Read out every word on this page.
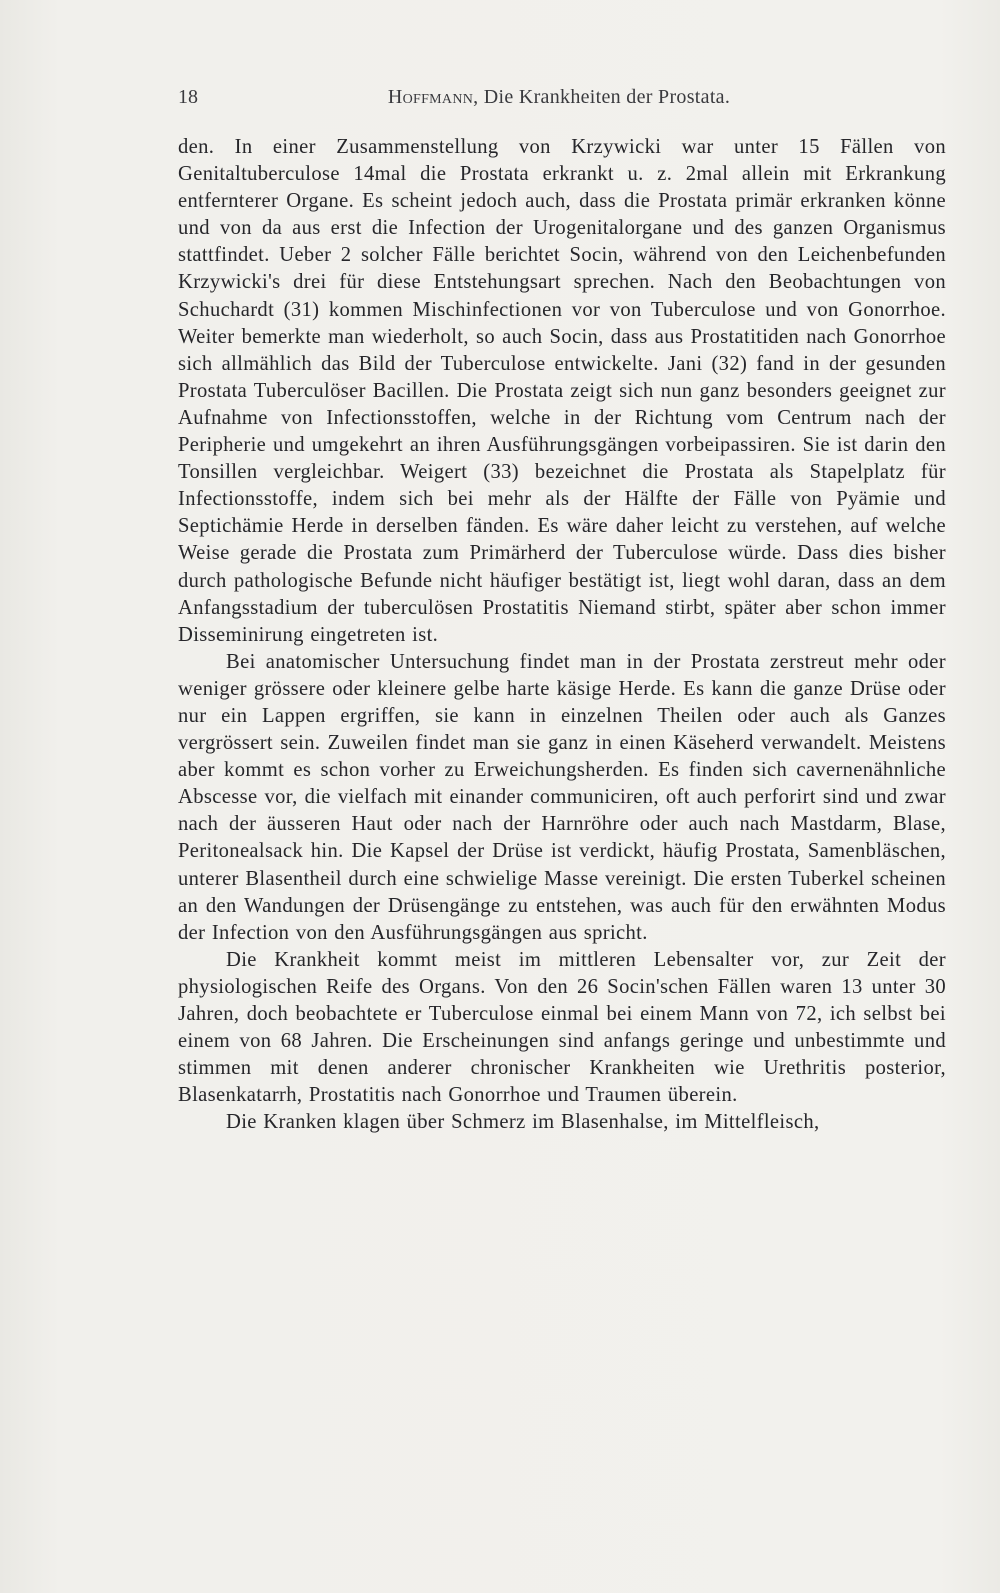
18	Hoffmann, Die Krankheiten der Prostata.

den. In einer Zusammenstellung von Krzywicki war unter 15 Fällen von Genitaltuberculose 14mal die Prostata erkrankt u. z. 2mal allein mit Erkrankung entfernterer Organe. Es scheint jedoch auch, dass die Prostata primär erkranken könne und von da aus erst die Infection der Urogenitalorgane und des ganzen Organismus stattfindet. Ueber 2 solcher Fälle berichtet Socin, während von den Leichenbefunden Krzywicki's drei für diese Entstehungsart sprechen. Nach den Beobachtungen von Schuchardt (31) kommen Mischinfectionen vor von Tuberculose und von Gonorrhoe. Weiter bemerkte man wiederholt, so auch Socin, dass aus Prostatitiden nach Gonorrhoe sich allmählich das Bild der Tuberculose entwickelte. Jani (32) fand in der gesunden Prostata Tuberculöser Bacillen. Die Prostata zeigt sich nun ganz besonders geeignet zur Aufnahme von Infectionsstoffen, welche in der Richtung vom Centrum nach der Peripherie und umgekehrt an ihren Ausführungsgängen vorbeipassiren. Sie ist darin den Tonsillen vergleichbar. Weigert (33) bezeichnet die Prostata als Stapelplatz für Infectionsstoffe, indem sich bei mehr als der Hälfte der Fälle von Pyämie und Septichämie Herde in derselben fänden. Es wäre daher leicht zu verstehen, auf welche Weise gerade die Prostata zum Primärherd der Tuberculose würde. Dass dies bisher durch pathologische Befunde nicht häufiger bestätigt ist, liegt wohl daran, dass an dem Anfangsstadium der tuberculösen Prostatitis Niemand stirbt, später aber schon immer Disseminirung eingetreten ist.

Bei anatomischer Untersuchung findet man in der Prostata zerstreut mehr oder weniger grössere oder kleinere gelbe harte käsige Herde. Es kann die ganze Drüse oder nur ein Lappen ergriffen, sie kann in einzelnen Theilen oder auch als Ganzes vergrössert sein. Zuweilen findet man sie ganz in einen Käseherd verwandelt. Meistens aber kommt es schon vorher zu Erweichungsherden. Es finden sich cavernenähnliche Abscesse vor, die vielfach mit einander communiciren, oft auch perforirt sind und zwar nach der äusseren Haut oder nach der Harnröhre oder auch nach Mastdarm, Blase, Peritonealsack hin. Die Kapsel der Drüse ist verdickt, häufig Prostata, Samenbläschen, unterer Blasentheil durch eine schwielige Masse vereinigt. Die ersten Tuberkel scheinen an den Wandungen der Drüsengänge zu entstehen, was auch für den erwähnten Modus der Infection von den Ausführungsgängen aus spricht.

Die Krankheit kommt meist im mittleren Lebensalter vor, zur Zeit der physiologischen Reife des Organs. Von den 26 Socin'schen Fällen waren 13 unter 30 Jahren, doch beobachtete er Tuberculose einmal bei einem Mann von 72, ich selbst bei einem von 68 Jahren. Die Erscheinungen sind anfangs geringe und unbestimmte und stimmen mit denen anderer chronischer Krankheiten wie Urethritis posterior, Blasenkatarrh, Prostatitis nach Gonorrhoe und Traumen überein.

Die Kranken klagen über Schmerz im Blasenhalse, im Mittelfleisch,
